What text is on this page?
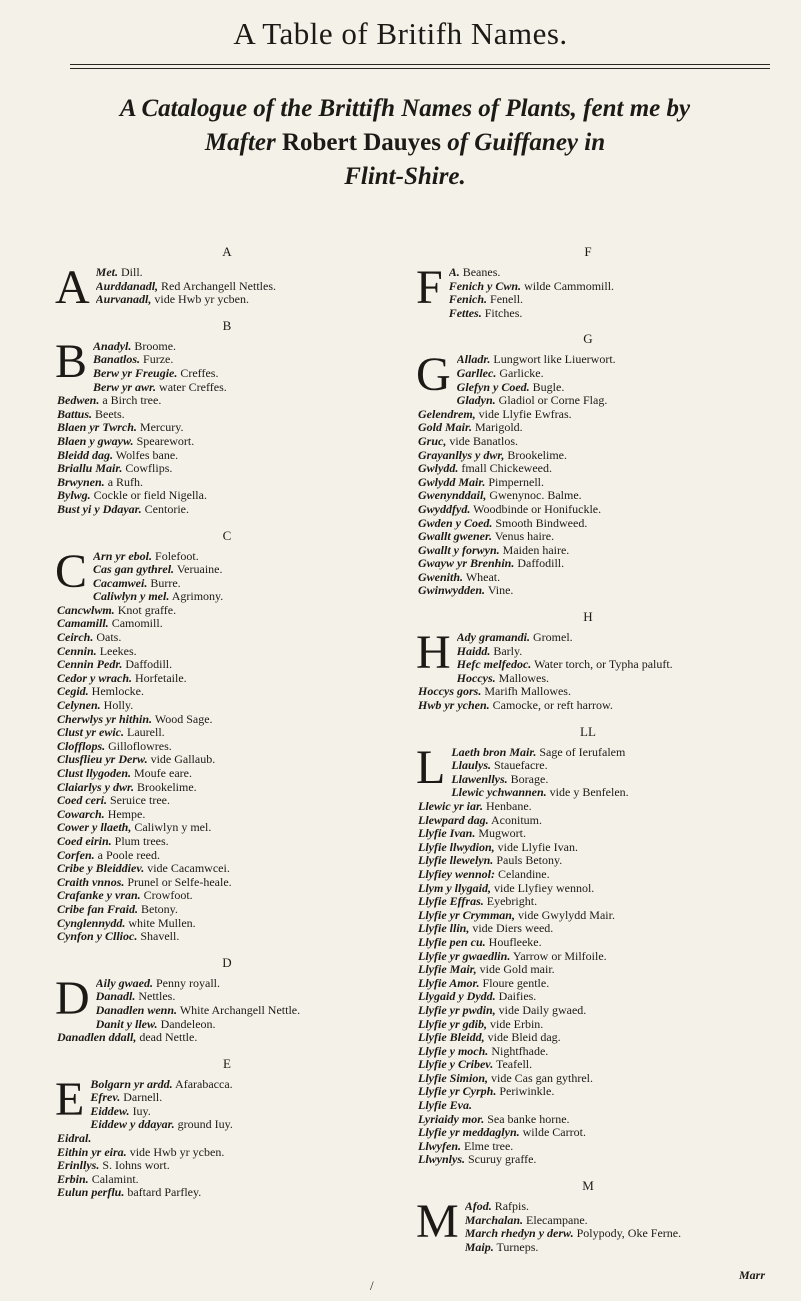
A Table of Britifh Names.
A Catalogue of the Brittifh Names of Plants, fent me by
Mafter Robert Dauyes of Guiffaney in
Flint-Shire.
A
A Met. Dill.
Aurddanadl, Red Archangell Nettles.
Aurvanadl, vide Hwb yr ycben.
B
B Anadyl. Broome.
Banatlos. Furze.
Berw yr Freugie. Creffes.
Berw yr awr. water Creffes.
Bedwen. a Birch tree.
Battus. Beets.
Blaen yr Twrch. Mercury.
Blaen y gwayw. Spearewort.
Bleidd dag. Wolfes bane.
Briallu Mair. Cowflips.
Brwynen. a Rufh.
Bylwg. Cockle or field Nigella.
Bust yi y Ddayar. Centorie.
C
C Arn yr ebol. Folefoot.
Cas gan gythrel. Veruaine.
Cacamwei. Burre.
Caliwlyn y mel. Agrimony.
Cancwlwm. Knot graffe.
Camamill. Camomill.
Ceirch. Oats.
Cennin. Leekes.
Cennin Pedr. Daffodill.
Cedor y wrach. Horfetaile.
Cegid. Hemlocke.
Celynen. Holly.
Cherwlys yr hithin. Wood Sage.
Clust yr ewic. Laurell.
Clofflops. Gilloflowres.
Clusflieu yr Derw. vide Gallaub.
Clust llygoden. Moufe eare.
Claiarlys y dwr. Brookelime.
Coed ceri. Seruice tree.
Cowarch. Hempe.
Cower y llaeth, Caliwlyn y mel.
Coed eirin. Plum trees.
Corfen. a Poole reed.
Cribe y Bleiddiev. vide Cacamwcei.
Craith vnnos. Prunel or Selfe-heale.
Crafanke y vran. Crowfoot.
Cribe fan Fraid. Betony.
Cynglennydd. white Mullen.
Cynfon y Cllioc. Shavell.
D
D Aily gwaed. Penny royall.
Danadl. Nettles.
Danadlen wenn. White Archangell Nettle.
Danit y llew. Dandeleon.
Danadlen ddall, dead Nettle.
E
E Bolgarn yr ardd. Afarabacca.
Efrev. Darnell.
Eiddew. Iuy.
Eiddew y ddayar. ground Iuy.
Eidral.
Eithin yr eira. vide Hwb yr ycben.
Erinllys. S. Iohns wort.
Erbin. Calamint.
Eulun perflu. baftard Parfley.
F
F A. Beanes.
Fenich y Cwn. wilde Cammomill.
Fenich. Fenell.
Fettes. Fitches.
G
G Alladr. Lungwort like Liuerwort.
Garllec. Garlicke.
Glefyn y Coed. Bugle.
Gladyn. Gladiol or Corne Flag.
Gelendrem, vide Llyfie Ewfras.
Gold Mair. Marigold.
Gruc, vide Banatlos.
Grayanllys y dwr, Brookelime.
Gwlydd. fmall Chickeweed.
Gwlydd Mair. Pimpernell.
Gwenynddail, Gwenynoc. Balme.
Gwyddfyd. Woodbinde or Honifuckle.
Gwden y Coed. Smooth Bindweed.
Gwallt gwener. Venus haire.
Gwallt y forwyn. Maiden haire.
Gwayw yr Brenhin. Daffodill.
Gwenith. Wheat.
Gwinwydden. Vine.
H
H Ady gramandi. Gromel.
Haidd. Barly.
Hefc melfedoc. Water torch, or Typha paluft.
Hoccys. Mallowes.
Hoccys gors. Marifh Mallowes.
Hwb yr ychen. Camocke, or reft harrow.
LL
L Laeth bron Mair. Sage of Ierufalem
Llaulys. Stauefacre.
Llawenllys. Borage.
Llewic ychwannen. vide y Benfelen.
Llewic yr iar. Henbane.
Llewpard dag. Aconitum.
Llyfie Ivan. Mugwort.
Llyfie llwydion, vide Llyfie Ivan.
Llyfie llewelyn. Pauls Betony.
Llyfiey wennol: Celandine.
Llym y llygaid, vide Llyfiey wennol.
Llyfie Effras. Eyebright.
Llyfie yr Crymman, vide Gwylydd Mair.
Llyfie llin, vide Diers weed.
Llyfie pen cu. Houfleeke.
Llyfie yr gwaedlin. Yarrow or Milfoile.
Llyfie Mair, vide Gold mair.
Llyfie Amor. Floure gentle.
Llygaid y Dydd. Daifies.
Llyfie yr pwdin, vide Daily gwaed.
Llyfie yr gdib, vide Erbin.
Llyfie Bleidd, vide Bleid dag.
Llyfie y moch. Nightfhade.
Llyfie y Cribev. Teafell.
Llyfie Simion, vide Cas gan gythrel.
Llyfie yr Cyrph. Periwinkle.
Llyfie Eva.
Lyriaidy mor. Sea banke horne.
Llyfie yr meddaglyn. wilde Carrot.
Llwyfen. Elme tree.
Llwynlys. Scuruy graffe.
M
M Afod. Rafpis.
Marchalan. Elecampane.
March rhedyn y derw. Polypody, Oke Ferne.
Maip. Turneps.
/
Marr
